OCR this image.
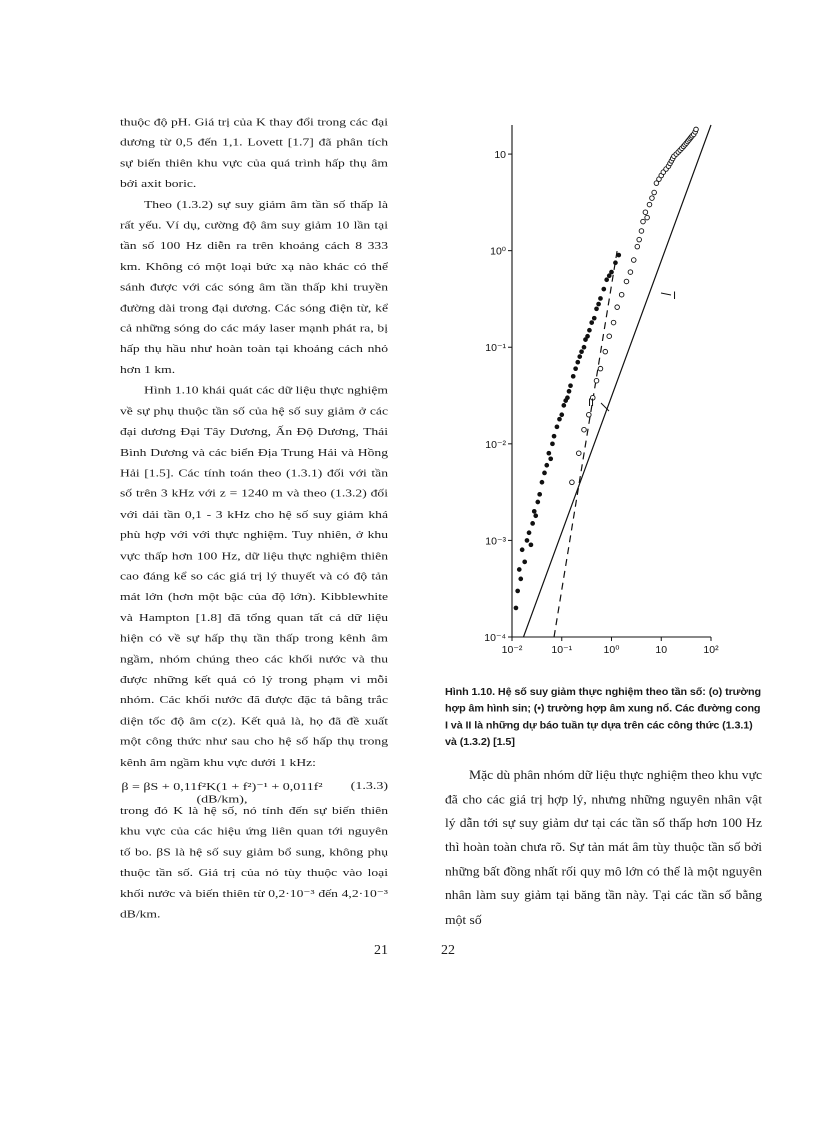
thuộc độ pH. Giá trị của K thay đổi trong các đại dương từ 0,5 đến 1,1. Lovett [1.7] đã phân tích sự biến thiên khu vực của quá trình hấp thụ âm bởi axit boric.

Theo (1.3.2) sự suy giảm âm tần số thấp là rất yếu. Ví dụ, cường độ âm suy giảm 10 lần tại tần số 100 Hz diễn ra trên khoảng cách 8 333 km. Không có một loại bức xạ nào khác có thể sánh được với các sóng âm tần thấp khi truyền đường dài trong đại dương. Các sóng điện từ, kể cả những sóng do các máy laser mạnh phát ra, bị hấp thụ hầu như hoàn toàn tại khoảng cách nhỏ hơn 1 km.

Hình 1.10 khái quát các dữ liệu thực nghiệm về sự phụ thuộc tần số của hệ số suy giảm ở các đại dương Đại Tây Dương, Ấn Độ Dương, Thái Bình Dương và các biển Địa Trung Hải và Hồng Hải [1.5]. Các tính toán theo (1.3.1) đối với tần số trên 3 kHz với z = 1240 m và theo (1.3.2) đối với dải tần 0,1 - 3 kHz cho hệ số suy giảm khá phù hợp với với thực nghiệm. Tuy nhiên, ở khu vực thấp hơn 100 Hz, dữ liệu thực nghiệm thiên cao đáng kể so các giá trị lý thuyết và có độ tản mát lớn (hơn một bậc của độ lớn). Kibblewhite và Hampton [1.8] đã tổng quan tất cả dữ liệu hiện có về sự hấp thụ tần thấp trong kênh âm ngầm, nhóm chúng theo các khối nước và thu được những kết quả có lý trong phạm vi mỗi nhóm. Các khối nước đã được đặc tả bằng trắc diện tốc độ âm c(z). Kết quả là, họ đã đề xuất một công thức như sau cho hệ số hấp thụ trong kênh âm ngầm khu vực dưới 1 kHz:

β = βS + 0,11f²K(1 + f²)⁻¹ + 0,011f² (dB/km),
(1.3.3)

trong đó K là hệ số, nó tính đến sự biến thiên khu vực của các hiệu ứng liên quan tới nguyên tố bo. βS là hệ số suy giảm bổ sung, không phụ thuộc tần số. Giá trị của nó tùy thuộc vào loại khối nước và biến thiên từ 0,2·10⁻³ đến 4,2·10⁻³ dB/km.

21
10
10⁰
10⁻¹
10⁻²
10⁻³
10⁻⁴
10⁻²	10⁻¹	10⁰	10	10²
I
II

Hình 1.10. Hệ số suy giảm thực nghiệm theo tần số: (o) trường hợp âm hình sin; (•) trường hợp âm xung nổ. Các đường cong I và II là những dự báo tuần tự dựa trên các công thức (1.3.1) và (1.3.2) [1.5]

Mặc dù phân nhóm dữ liệu thực nghiệm theo khu vực đã cho các giá trị hợp lý, nhưng những nguyên nhân vật lý dẫn tới sự suy giảm dư tại các tần số thấp hơn 100 Hz thì hoàn toàn chưa rõ. Sự tản mát âm tùy thuộc tần số bởi những bất đồng nhất rối quy mô lớn có thể là một nguyên nhân làm suy giảm tại băng tần này. Tại các tần số bằng một số

22
